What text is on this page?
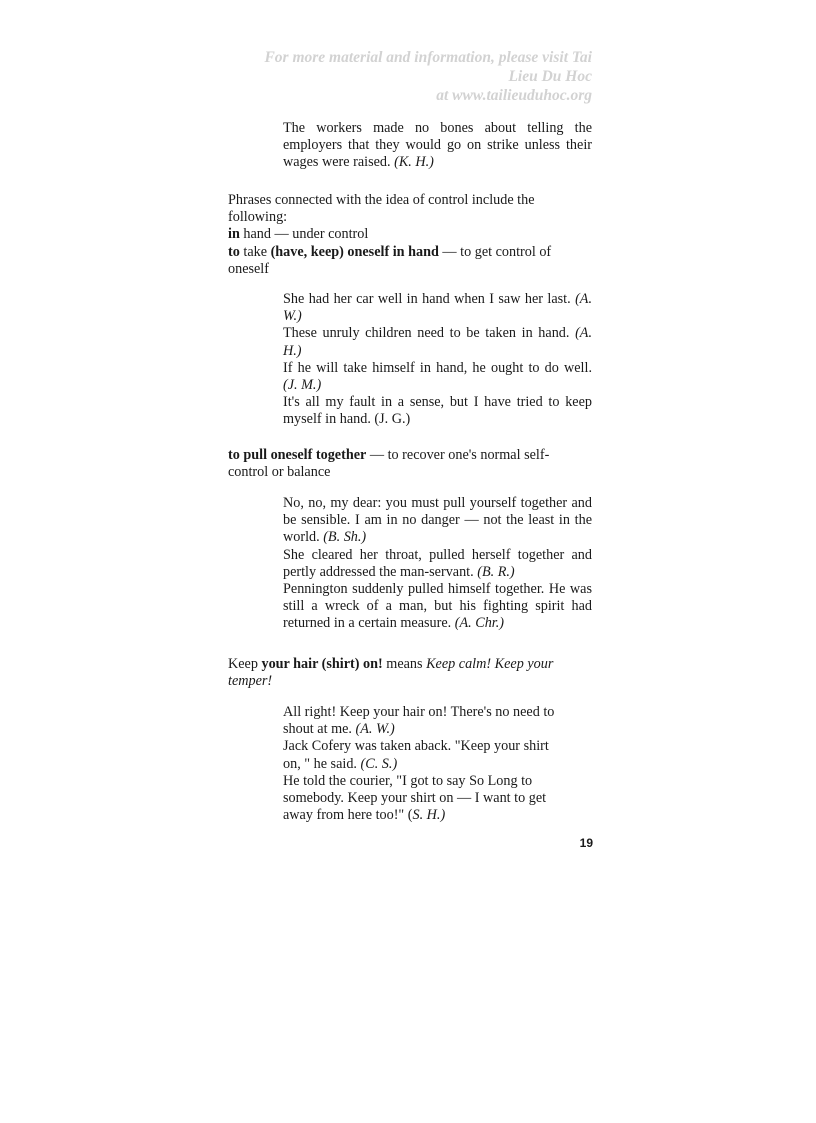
For more material and information, please visit Tai
Lieu Du Hoc
at www.tailieuduhoc.org

The workers made no bones about telling the employers that they would go on strike unless their wages were raised. (K. H.)

Phrases connected with the idea of control include the following:

in hand — under control

to take (have, keep) oneself in hand — to get control of oneself

She had her car well in hand when I saw her last. (A. W.)

These unruly children need to be taken in hand. (A. H.)

If he will take himself in hand, he ought to do well. (J. M.)

It's all my fault in a sense, but I have tried to keep myself in hand. (J. G.)

to pull oneself together — to recover one's normal self-control or balance

No, no, my dear: you must pull yourself together and be sensible. I am in no danger — not the least in the world. (B. Sh.)

She cleared her throat, pulled herself together and pertly addressed the man-servant. (B. R.)

Pennington suddenly pulled himself together. He was still a wreck of a man, but his fighting spirit had returned in a certain measure. (A. Chr.)

Keep your hair (shirt) on! means Keep calm! Keep your temper!

All right! Keep your hair on! There's no need to shout at me. (A. W.)

Jack Cofery was taken aback. "Keep your shirt on, " he said. (C. S.)

He told the courier, "I got to say So Long to somebody. Keep your shirt on — I want to get away from here too!" (S. H.)

19
